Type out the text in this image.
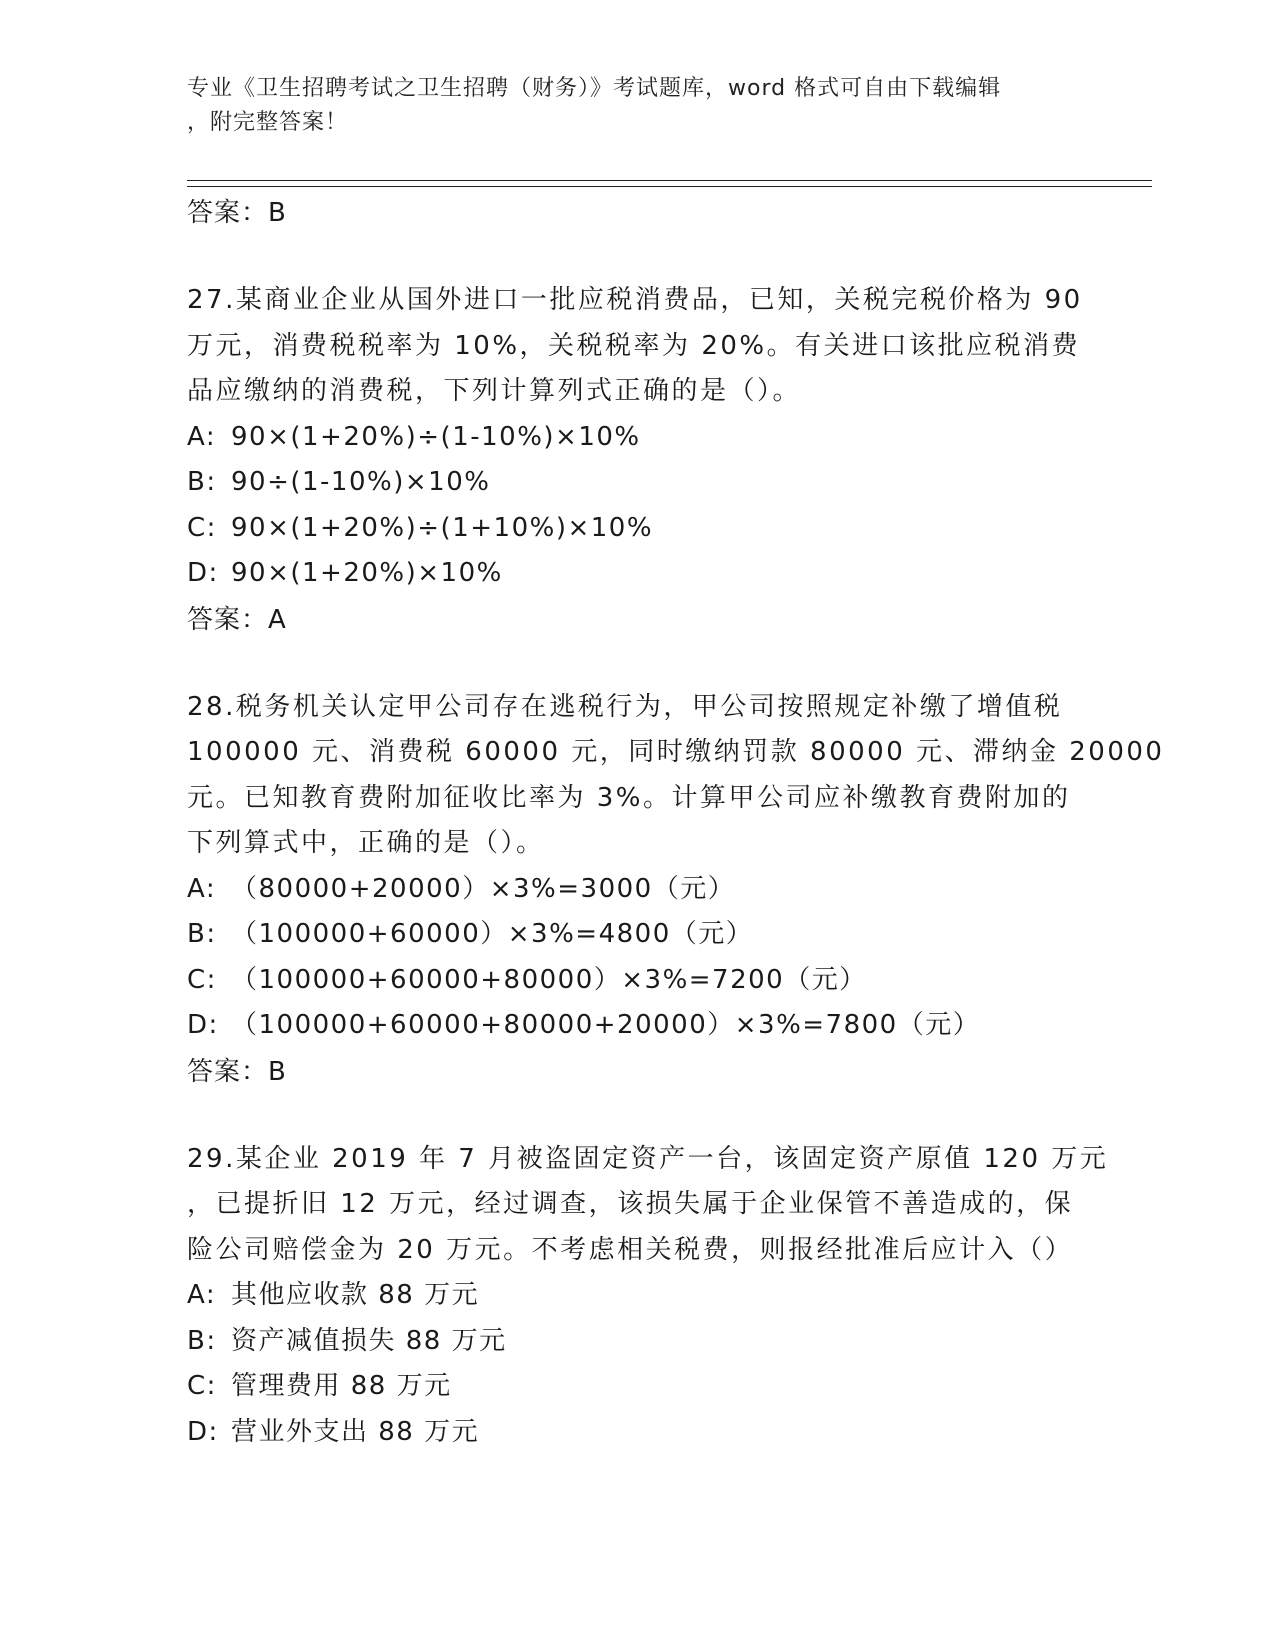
专业《卫生招聘考试之卫生招聘（财务）》考试题库，word 格式可自由下载编辑
，附完整答案！

答案：B

27.某商业企业从国外进口一批应税消费品，已知，关税完税价格为 90
万元，消费税税率为 10%，关税税率为 20%。有关进口该批应税消费
品应缴纳的消费税，下列计算列式正确的是（）。

A: 90×(1+20%)÷(1-10%)×10%

B: 90÷(1-10%)×10%

C: 90×(1+20%)÷(1+10%)×10%

D: 90×(1+20%)×10%

答案：A

28.税务机关认定甲公司存在逃税行为，甲公司按照规定补缴了增值税
100000 元、消费税 60000 元，同时缴纳罚款 80000 元、滞纳金 20000
元。已知教育费附加征收比率为 3%。计算甲公司应补缴教育费附加的
下列算式中，正确的是（）。

A: （80000+20000）×3%=3000（元）

B: （100000+60000）×3%=4800（元）

C: （100000+60000+80000）×3%=7200（元）

D: （100000+60000+80000+20000）×3%=7800（元）

答案：B

29.某企业 2019 年 7 月被盗固定资产一台，该固定资产原值 120 万元
，已提折旧 12 万元，经过调查，该损失属于企业保管不善造成的，保
险公司赔偿金为 20 万元。不考虑相关税费，则报经批准后应计入（）

A: 其他应收款 88 万元

B: 资产减值损失 88 万元

C: 管理费用 88 万元

D: 营业外支出 88 万元
